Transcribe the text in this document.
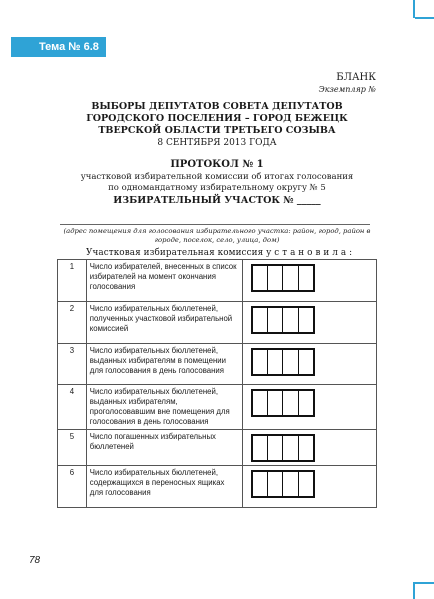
Тема № 6.8
БЛАНК
Экземпляр №
ВЫБОРЫ ДЕПУТАТОВ СОВЕТА ДЕПУТАТОВ
ГОРОДСКОГО ПОСЕЛЕНИЯ – ГОРОД БЕЖЕЦК
ТВЕРСКОЙ ОБЛАСТИ ТРЕТЬЕГО СОЗЫВА
8 СЕНТЯБРЯ 2013 ГОДА
ПРОТОКОЛ № 1
участковой избирательной комиссии об итогах голосования
по одномандатному избирательному округу № 5
ИЗБИРАТЕЛЬНЫЙ УЧАСТОК № _____
(адрес помещения для голосования избирательного участка: район, город, район в городе, поселок, село, улица, дом)
Участковая избирательная комиссия у с т а н о в и л а :
1	Число избирателей, внесенных в список избирателей на момент окончания голосования	

2	Число избирательных бюллетеней, полученных участковой избирательной комиссией	

3	Число избирательных бюллетеней, выданных избирателям в помещении для голосования в день голосования	

4	Число избирательных бюллетеней, выданных избирателям, проголосовавшим вне помещения для голосования в день голосования	

5	Число погашенных избирательных бюллетеней	

6	Число избирательных бюллетеней, содержащихся в переносных ящиках для голосования	
78
